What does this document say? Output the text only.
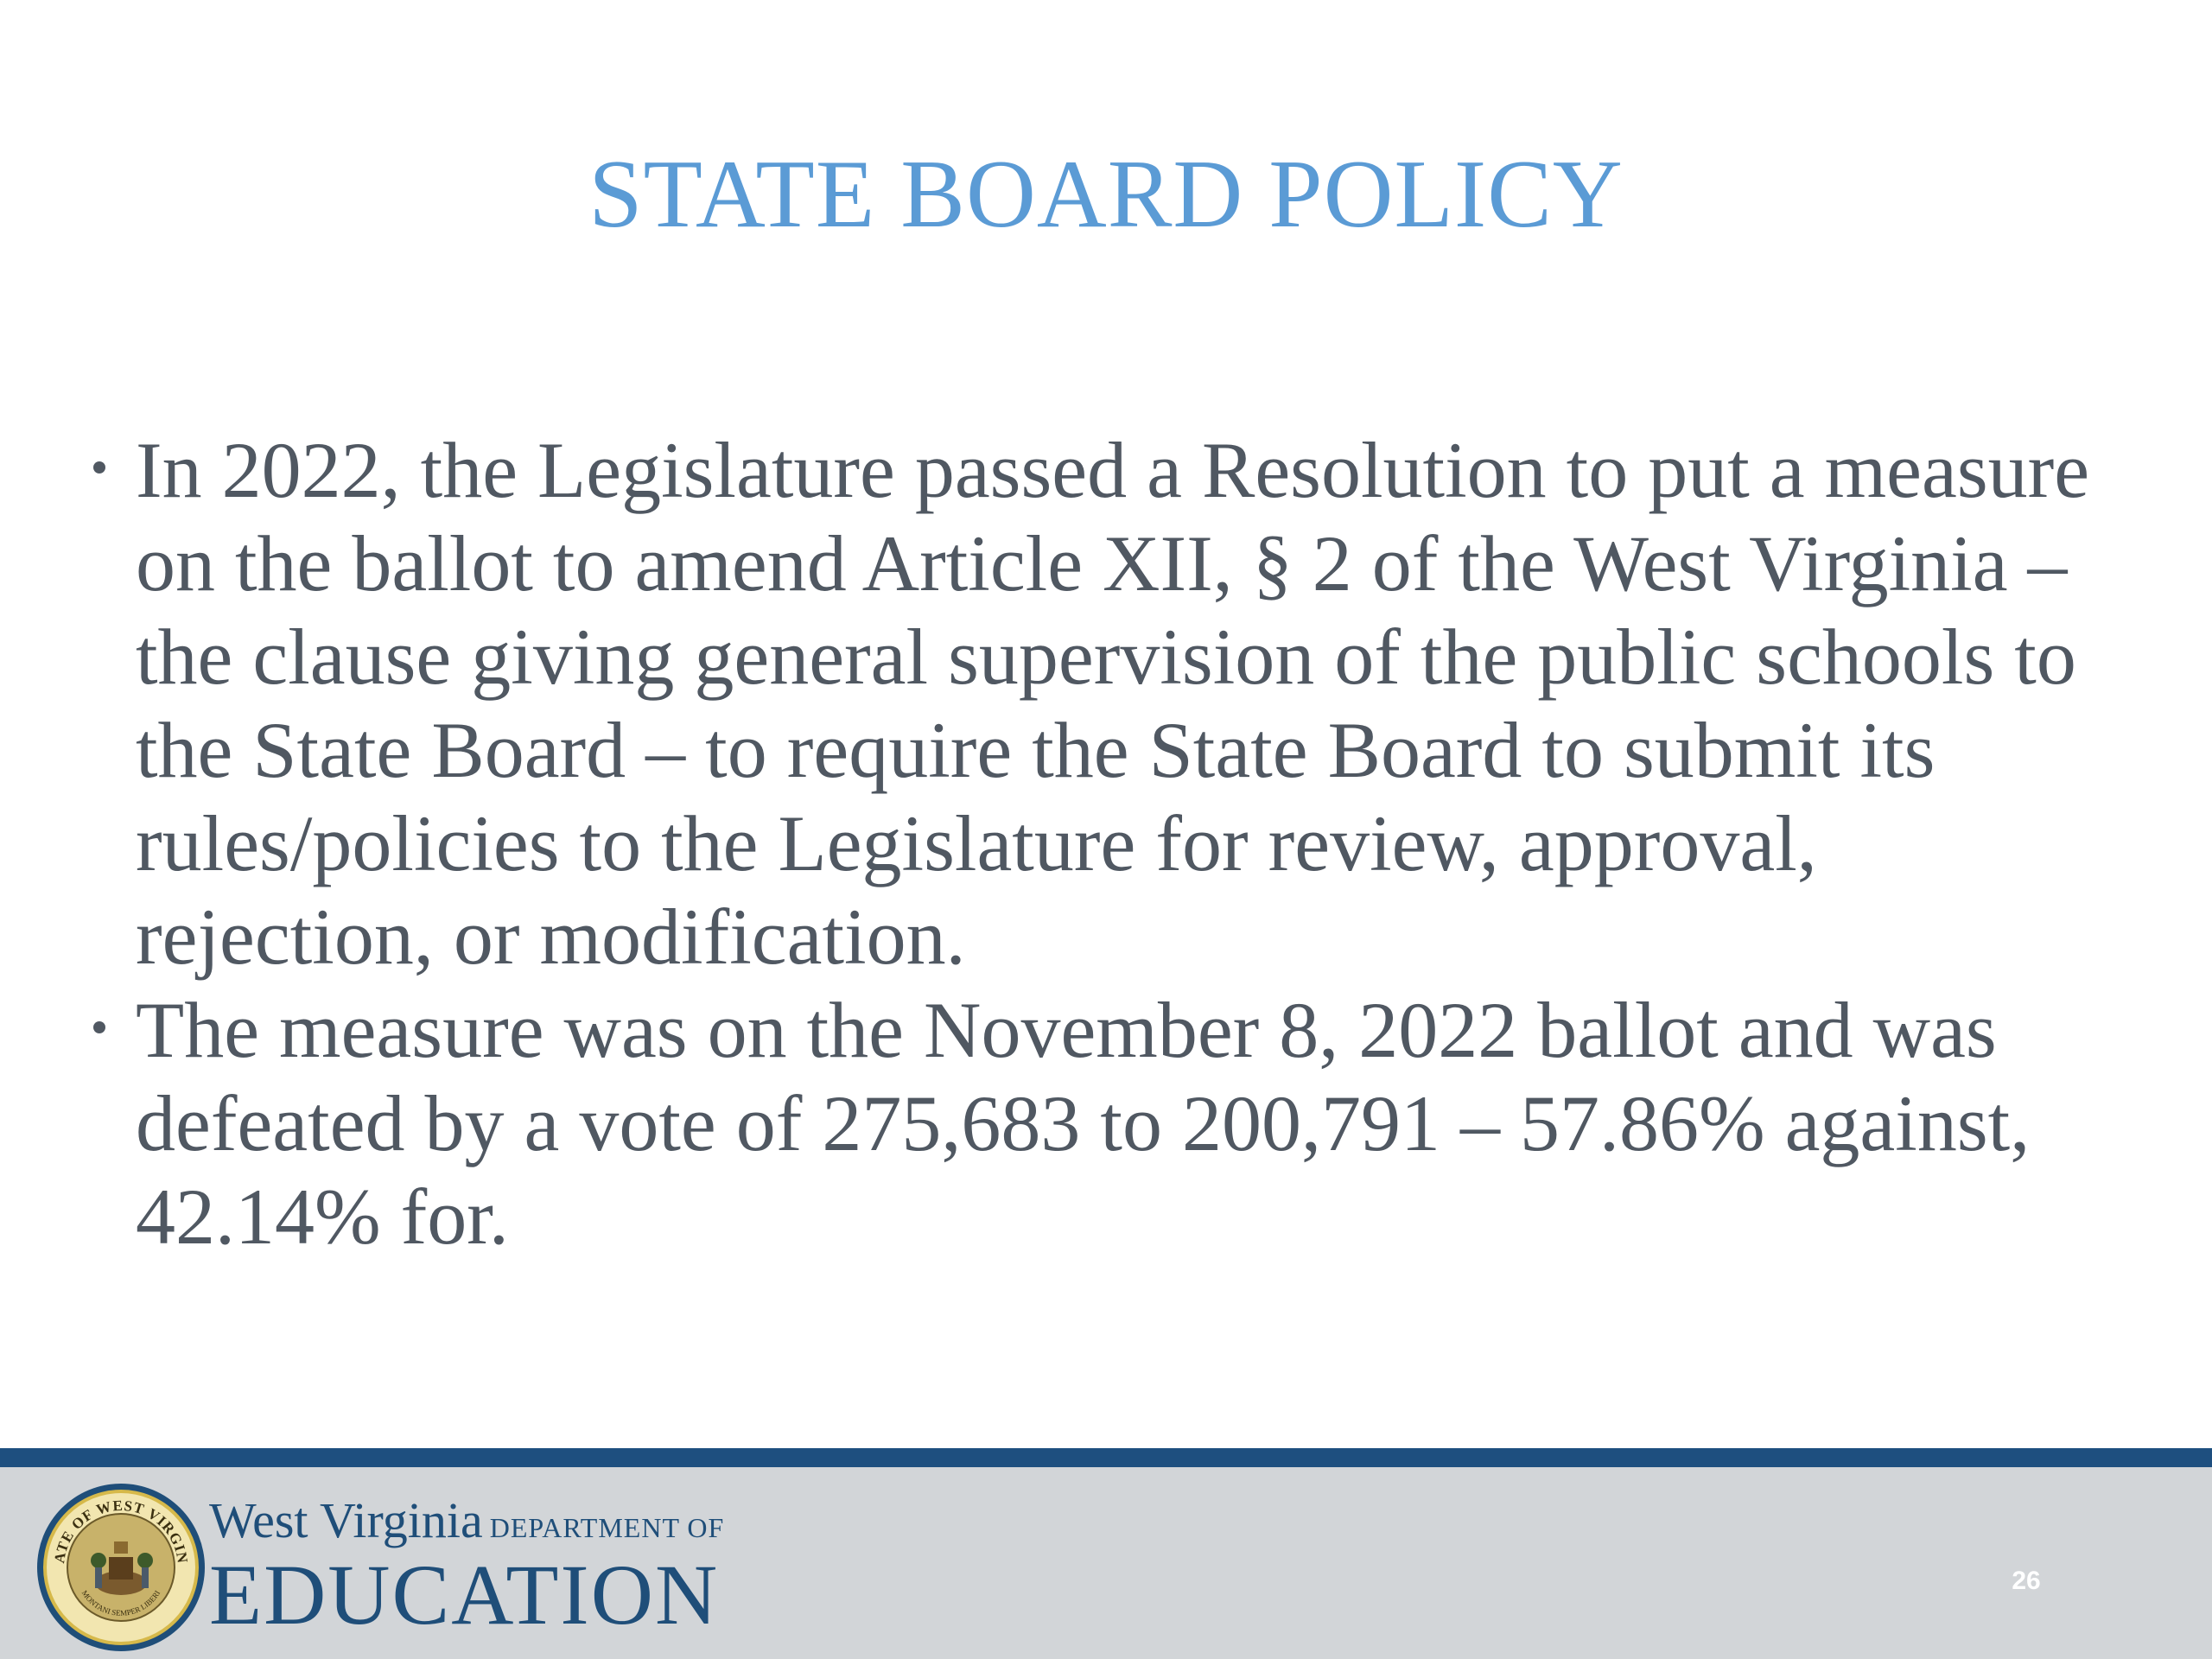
STATE BOARD POLICY
In 2022, the Legislature passed a Resolution to put a measure on the ballot to amend Article XII, § 2 of the West Virginia – the clause giving general supervision of the public schools to the State Board – to require the State Board to submit its rules/policies to the Legislature for review, approval, rejection, or modification.
The measure was on the November 8, 2022 ballot and was defeated by a vote of 275,683 to 200,791 – 57.86% against, 42.14% for.
ATE OF WEST VIRGIN
MONTANI SEMPER LIBERI
West Virginia DEPARTMENT OF
EDUCATION	26
